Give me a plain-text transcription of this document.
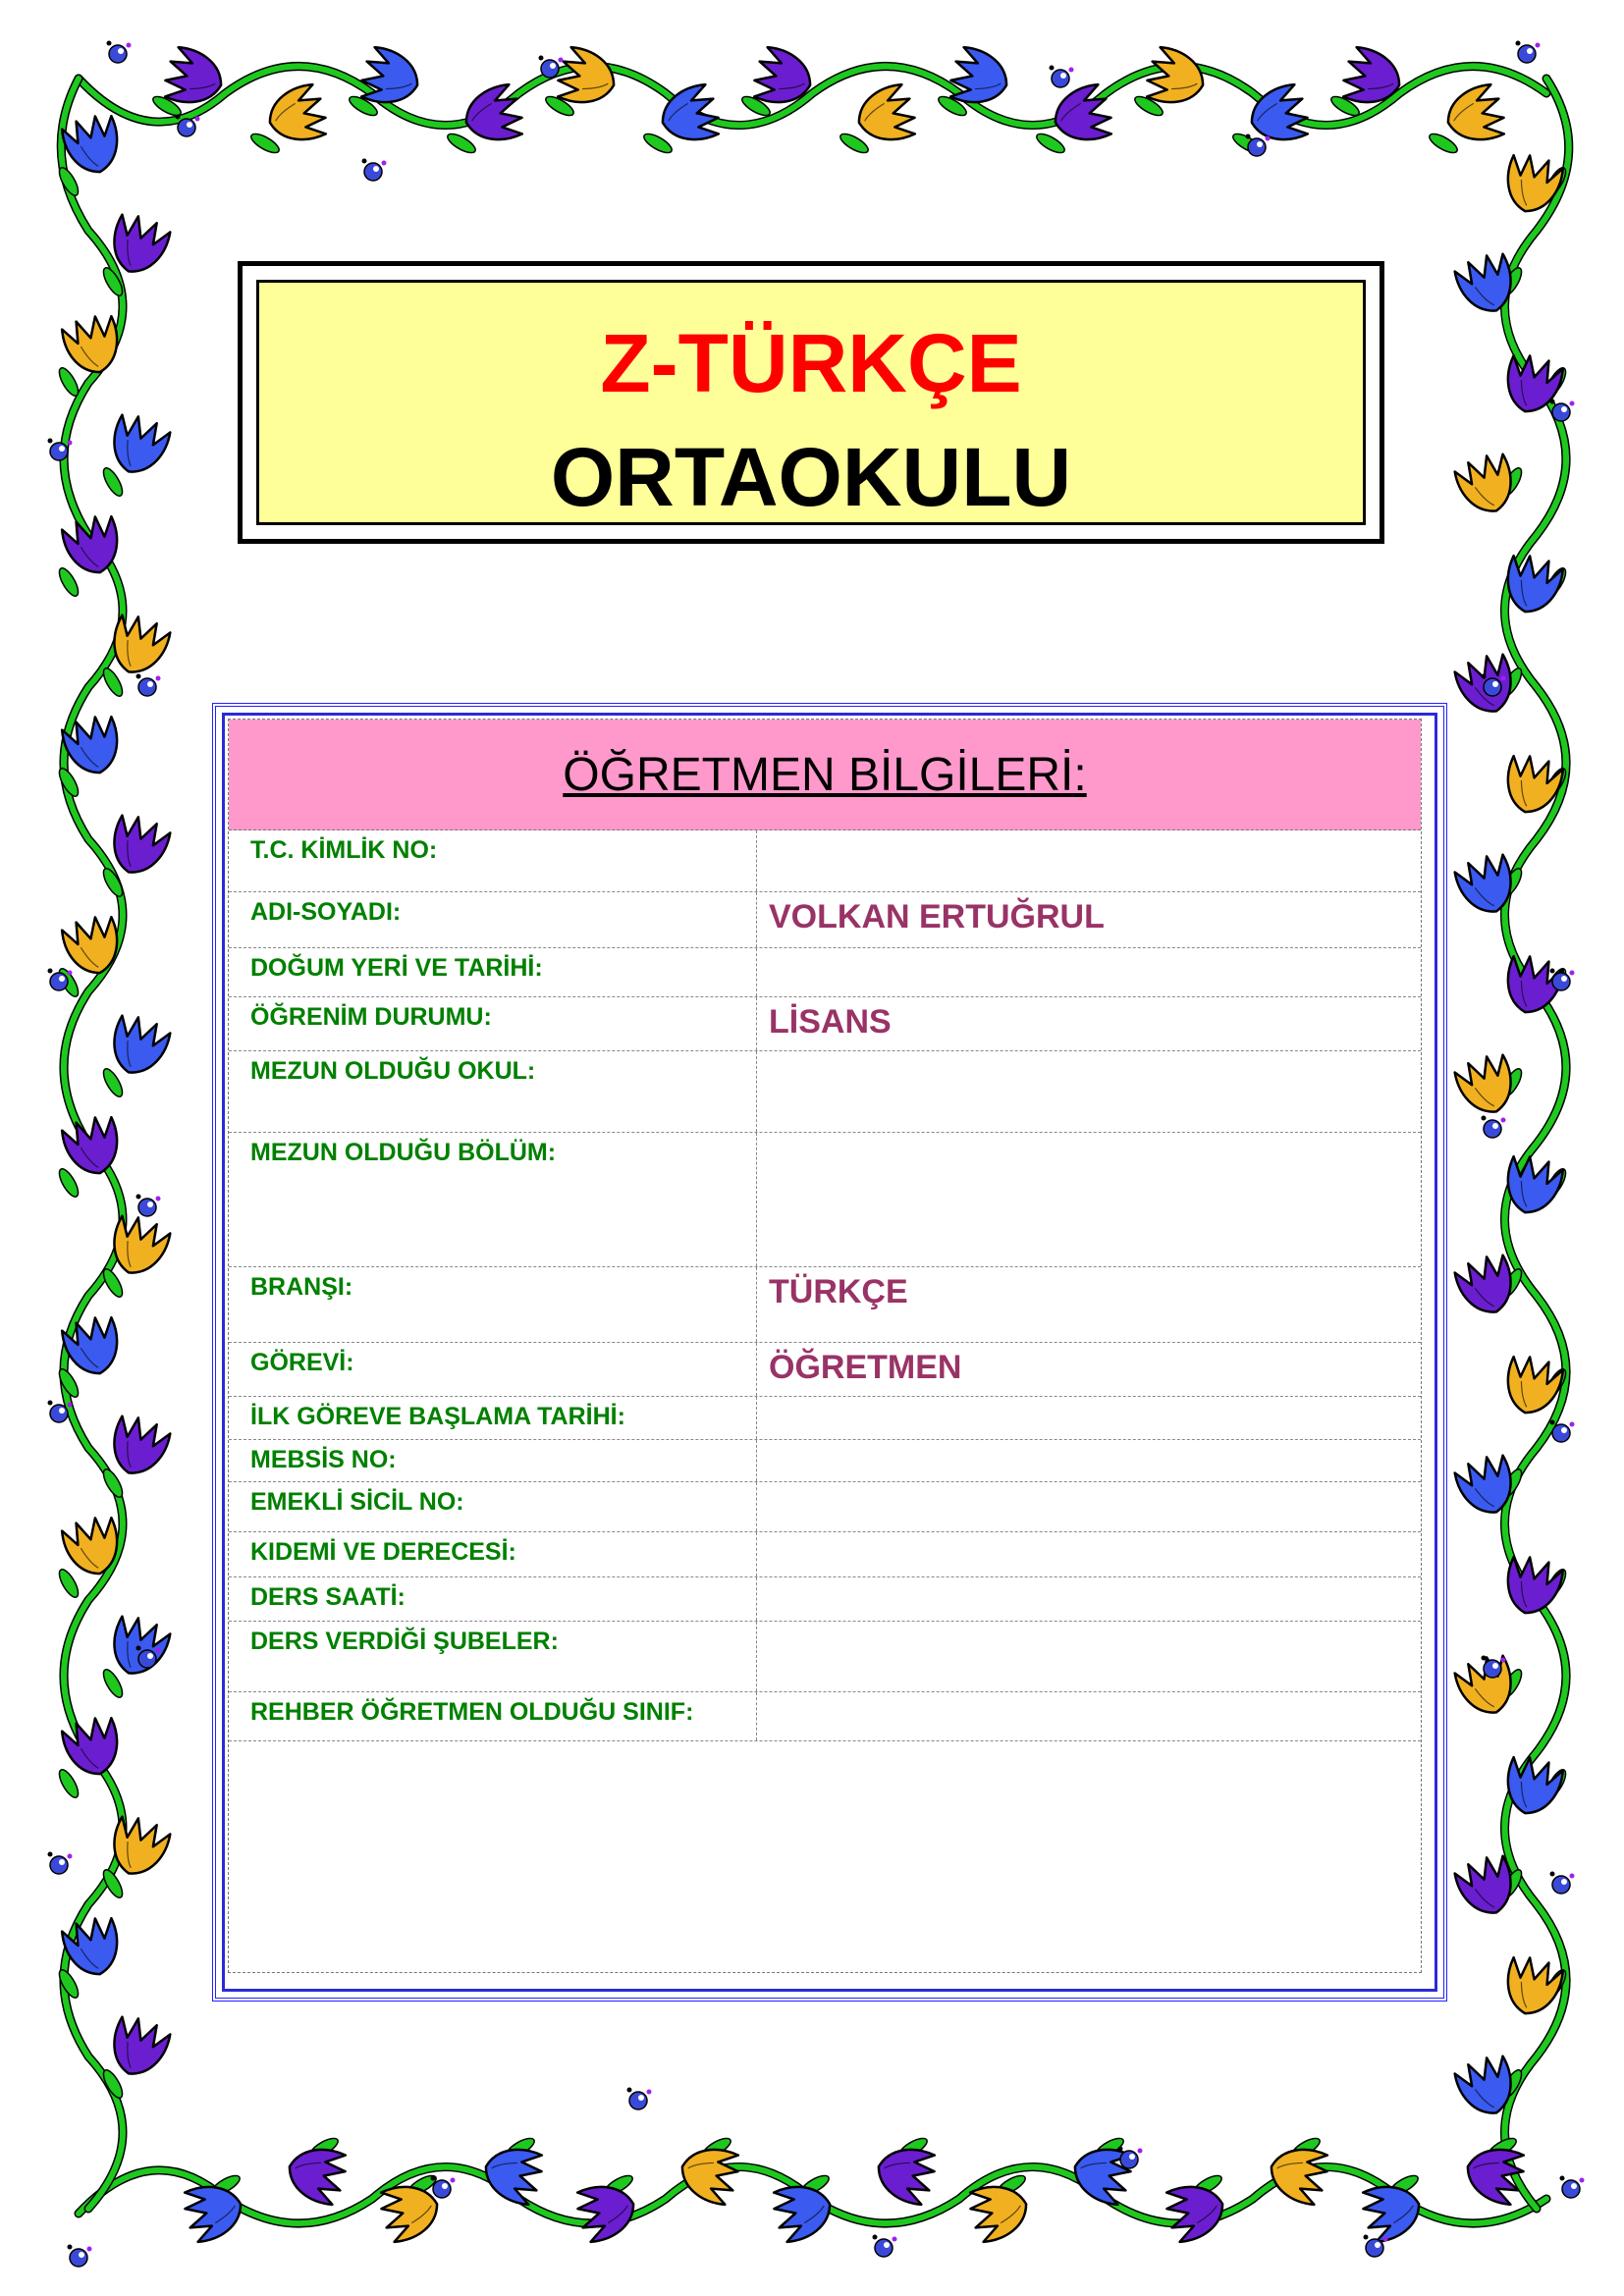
Z-TÜRKÇE
ORTAOKULU
ÖĞRETMEN BİLGİLERİ:
T.C. KİMLİK NO:
ADI-SOYADI:	VOLKAN ERTUĞRUL
DOĞUM YERİ VE TARİHİ:
ÖĞRENİM DURUMU:	LİSANS
MEZUN OLDUĞU OKUL:
MEZUN OLDUĞU BÖLÜM:
BRANŞI:	TÜRKÇE
GÖREVİ:	ÖĞRETMEN
İLK GÖREVE BAŞLAMA TARİHİ:
MEBSİS NO:
EMEKLİ SİCİL NO:
KIDEMİ VE DERECESİ:
DERS SAATİ:
DERS VERDİĞİ ŞUBELER:
REHBER ÖĞRETMEN OLDUĞU SINIF:
